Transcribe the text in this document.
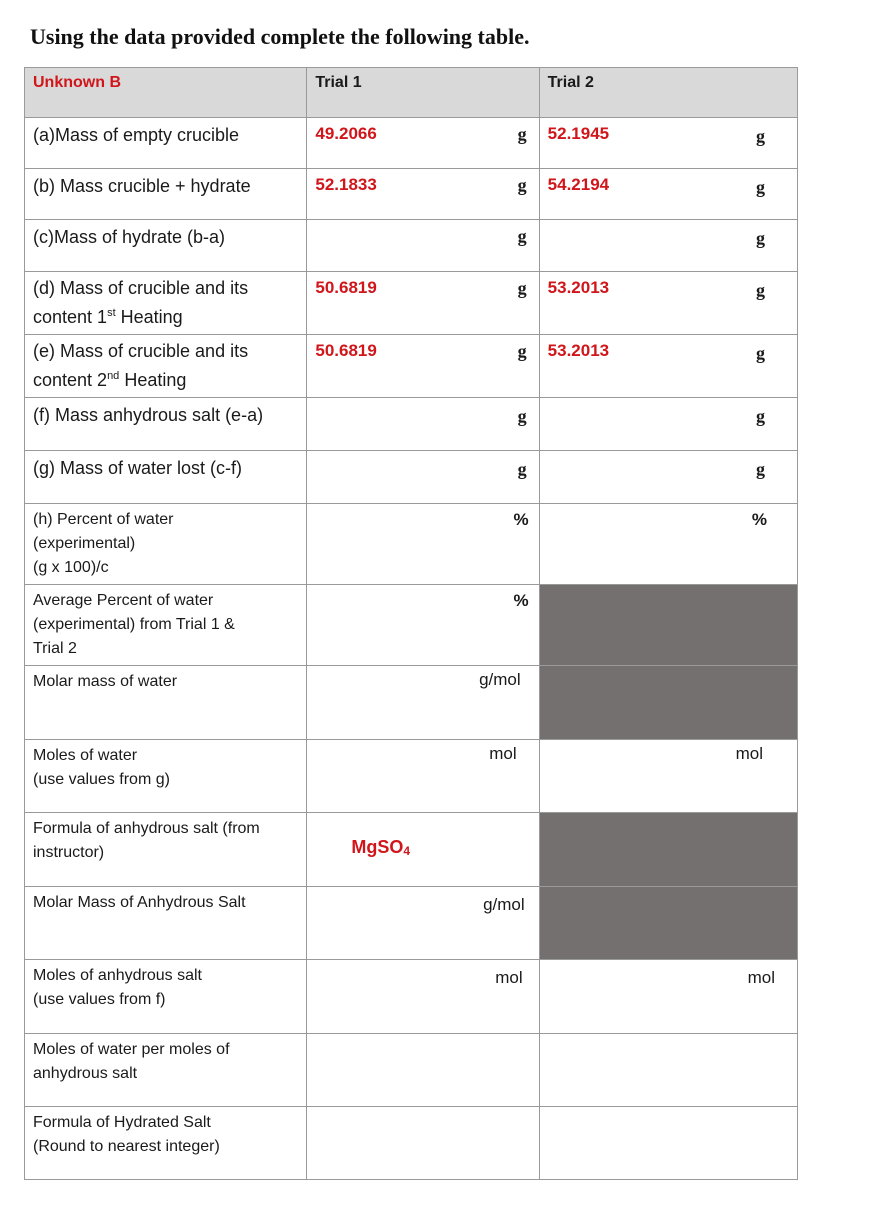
Using the data provided complete the following table.
Unknown B	Trial 1	Trial 2

(a)Mass of empty crucible	49.2066 g	52.1945 g

(b) Mass crucible + hydrate	52.1833 g	54.2194 g

(c)Mass of hydrate (b-a)	g	g

(d) Mass of crucible and its
content 1st Heating	50.6819 g	53.2013 g

(e) Mass of crucible and its
content 2nd Heating	50.6819 g	53.2013 g

(f) Mass anhydrous salt (e-a)	g	g

(g) Mass of water lost (c-f)	g	g

(h) Percent of water
(experimental)
(g x 100)/c	%	%

Average Percent of water
(experimental) from Trial 1 &
Trial 2	%	

Molar mass of water	g/mol	

Moles of water
(use values from g)	mol	mol

Formula of anhydrous salt (from
instructor)	MgSO$_4$

Molar Mass of Anhydrous Salt	g/mol	

Moles of anhydrous salt
(use values from f)	mol	mol

Moles of water per moles of
anhydrous salt		

Formula of Hydrated Salt
(Round to nearest integer)		
